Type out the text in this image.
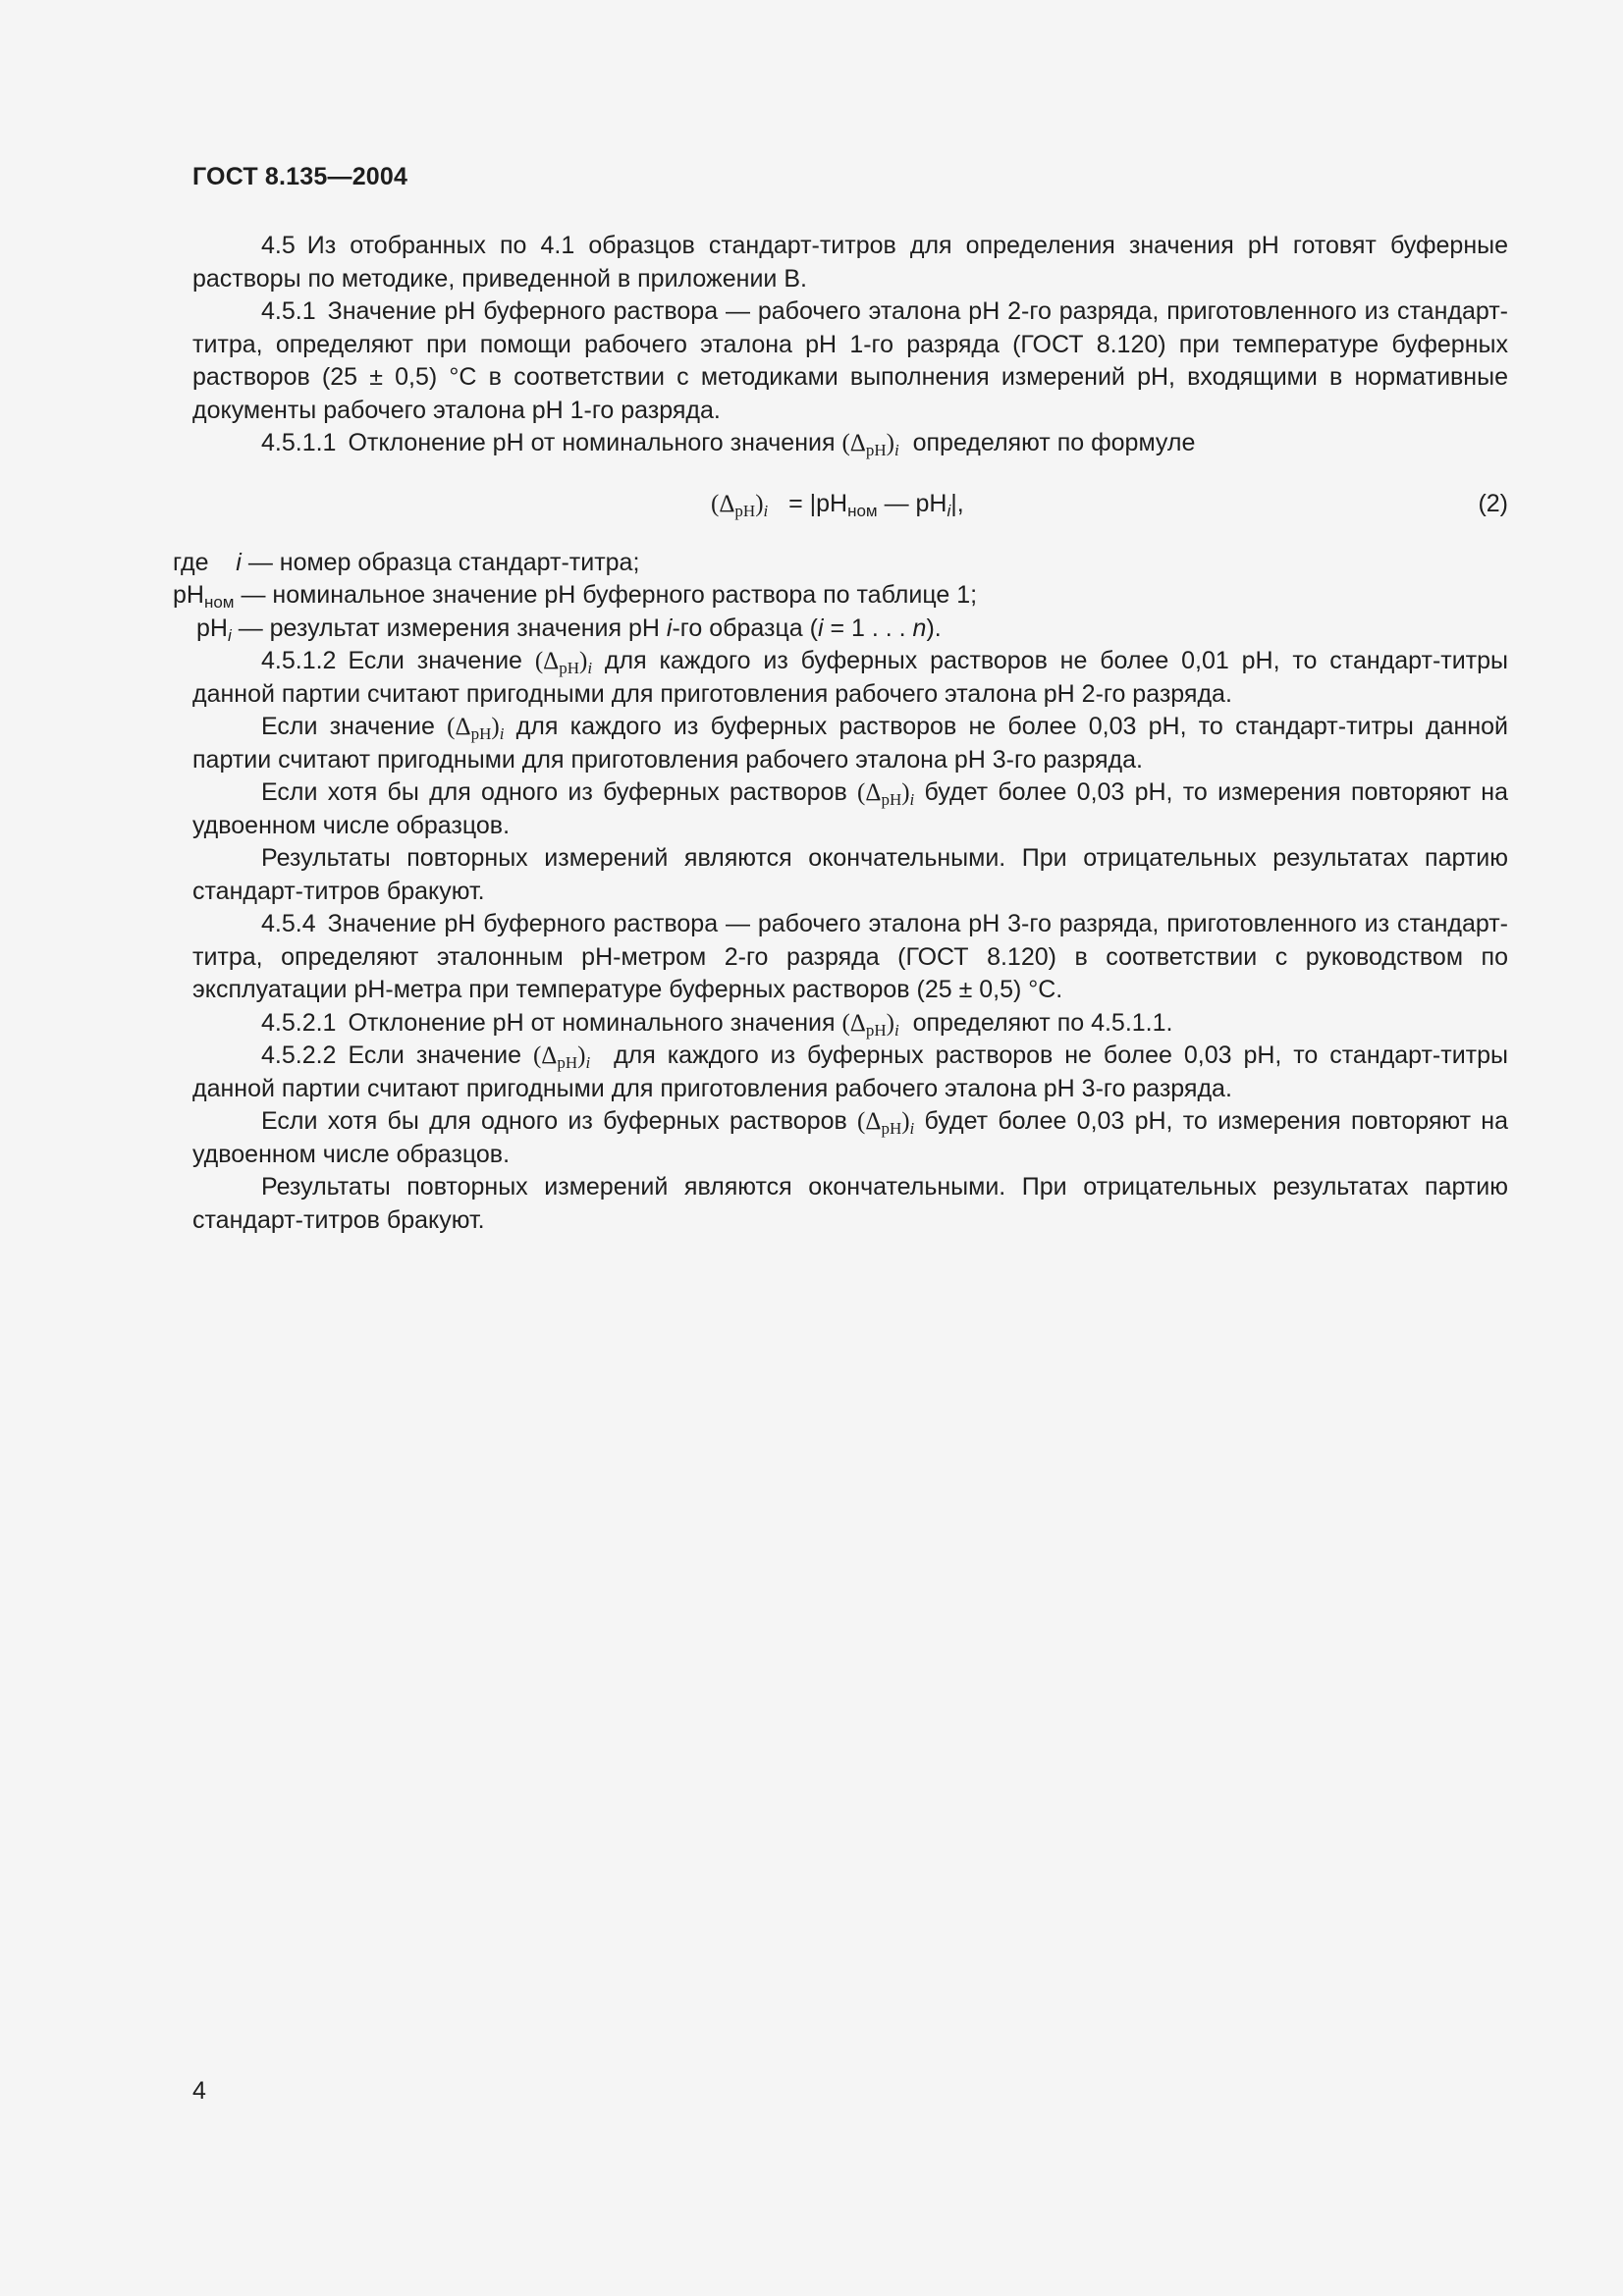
ГОСТ 8.135—2004

4.5 Из отобранных по 4.1 образцов стандарт-титров для определения значения pH готовят буферные растворы по методике, приведенной в приложении В.

4.5.1 Значение pH буферного раствора — рабочего эталона pH 2-го разряда, приготовленного из стандарт-титра, определяют при помощи рабочего эталона pH 1-го разряда (ГОСТ 8.120) при температуре буферных растворов (25 ± 0,5) °С в соответствии с методиками выполнения измерений pH, входящими в нормативные документы рабочего эталона pH 1-го разряда.

4.5.1.1 Отклонение pH от номинального значения $(\Delta_{pH})_i$ определяют по формуле

$(\Delta_{pH})_i = |pH_{ном}$ — $pH_i|$,	(2)

где i — номер образца стандарт-титра;

$pH_{ном}$ — номинальное значение pH буферного раствора по таблице 1;

$pH_i$ — результат измерения значения pH i-го образца (i = 1 . . . n).

4.5.1.2 Если значение $(\Delta_{pH})_i$ для каждого из буферных растворов не более 0,01 pH, то стандарт-титры данной партии считают пригодными для приготовления рабочего эталона pH 2-го разряда.

Если значение $(\Delta_{pH})_i$ для каждого из буферных растворов не более 0,03 pH, то стандарт-титры данной партии считают пригодными для приготовления рабочего эталона pH 3-го разряда.

Если хотя бы для одного из буферных растворов $(\Delta_{pH})_i$ будет более 0,03 pH, то измерения повторяют на удвоенном числе образцов.

Результаты повторных измерений являются окончательными. При отрицательных результатах партию стандарт-титров бракуют.

4.5.4 Значение pH буферного раствора — рабочего эталона pH 3-го разряда, приготовленного из стандарт-титра, определяют эталонным pH-метром 2-го разряда (ГОСТ 8.120) в соответствии с руководством по эксплуатации pH-метра при температуре буферных растворов (25 ± 0,5) °С.

4.5.2.1 Отклонение pH от номинального значения $(\Delta_{pH})_i$ определяют по 4.5.1.1.

4.5.2.2 Если значение $(\Delta_{pH})_i$ для каждого из буферных растворов не более 0,03 pH, то стандарт-титры данной партии считают пригодными для приготовления рабочего эталона pH 3-го разряда.

Если хотя бы для одного из буферных растворов $(\Delta_{pH})_i$ будет более 0,03 pH, то измерения повторяют на удвоенном числе образцов.

Результаты повторных измерений являются окончательными. При отрицательных результатах партию стандарт-титров бракуют.

4
